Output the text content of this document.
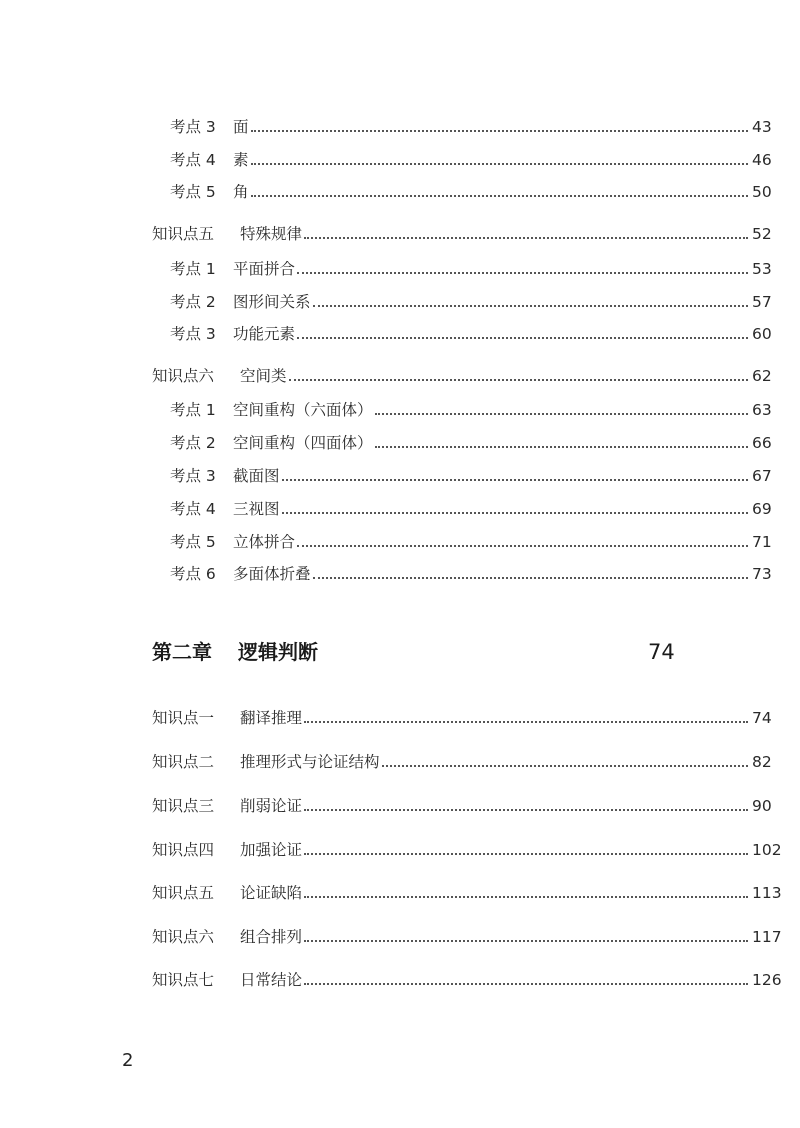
考点 3	面	43
考点 4	素	46
考点 5	角	50
知识点五	特殊规律	52
考点 1	平面拼合	53
考点 2	图形间关系	57
考点 3	功能元素	60
知识点六	空间类	62
考点 1	空间重构（六面体）	63
考点 2	空间重构（四面体）	66
考点 3	截面图	67
考点 4	三视图	69
考点 5	立体拼合	71
考点 6	多面体折叠	73
第二章 逻辑判断	74
知识点一	翻译推理	74
知识点二	推理形式与论证结构	82
知识点三	削弱论证	90
知识点四	加强论证	102
知识点五	论证缺陷	113
知识点六	组合排列	117
知识点七	日常结论	126
2
